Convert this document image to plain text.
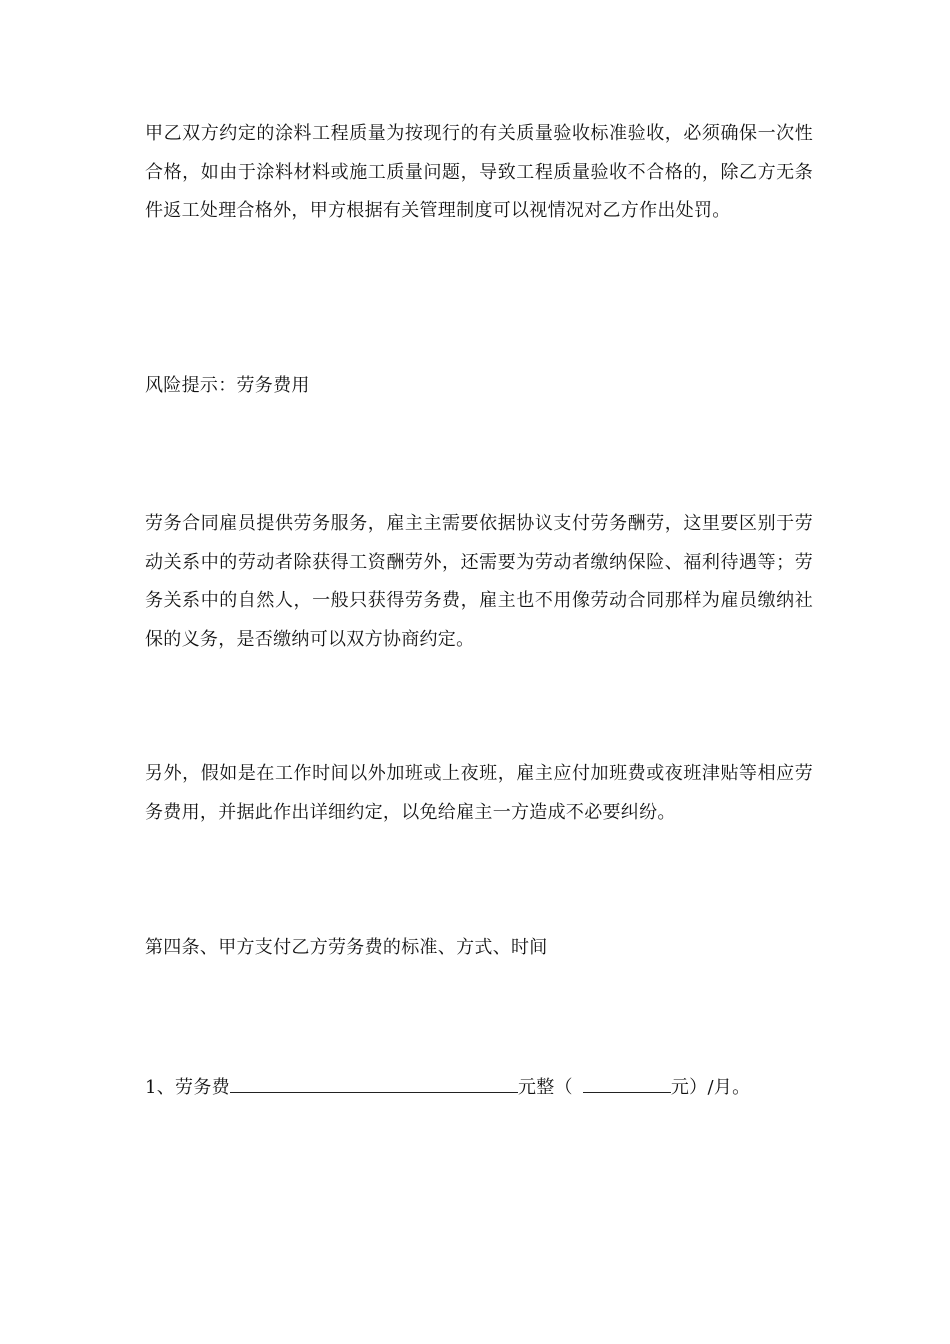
甲乙双方约定的涂料工程质量为按现行的有关质量验收标准验收，必须确保一次性合格，如由于涂料材料或施工质量问题，导致工程质量验收不合格的，除乙方无条件返工处理合格外，甲方根据有关管理制度可以视情况对乙方作出处罚。

风险提示：劳务费用

劳务合同雇员提供劳务服务，雇主主需要依据协议支付劳务酬劳，这里要区别于劳动关系中的劳动者除获得工资酬劳外，还需要为劳动者缴纳保险、福利待遇等；劳务关系中的自然人，一般只获得劳务费，雇主也不用像劳动合同那样为雇员缴纳社保的义务，是否缴纳可以双方协商约定。

另外，假如是在工作时间以外加班或上夜班，雇主应付加班费或夜班津贴等相应劳务费用，并据此作出详细约定，以免给雇主一方造成不必要纠纷。

第四条、甲方支付乙方劳务费的标准、方式、时间

1、劳务费	元整（	元）/月。
